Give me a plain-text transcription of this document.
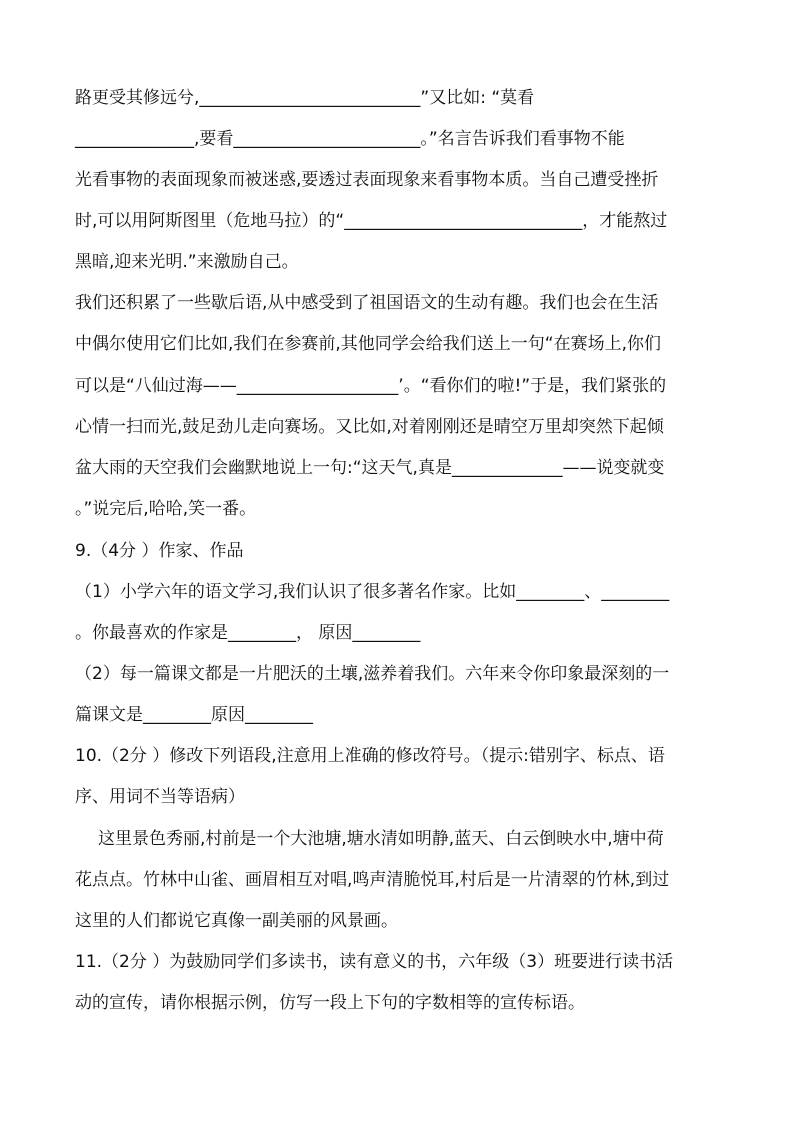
路更受其修远兮,__________________________”又比如: “莫看
______________,要看______________________。”名言告诉我们看事物不能
光看事物的表面现象而被迷惑,要透过表面现象来看事物本质。当自己遭受挫折
时,可以用阿斯图里（危地马拉）的“____________________________，才能熬过
黑暗,迎来光明.”来激励自己。
我们还积累了一些歇后语,从中感受到了祖国语文的生动有趣。我们也会在生活
中偶尔使用它们比如,我们在参赛前,其他同学会给我们送上一句“在赛场上,你们
可以是“八仙过海——___________________’。“看你们的啦!”于是，我们紧张的
心情一扫而光,鼓足劲儿走向赛场。又比如,对着刚刚还是晴空万里却突然下起倾
盆大雨的天空我们会幽默地说上一句:“这天气,真是_____________——说变就变
。”说完后,哈哈,笑一番。
9.（4分 ）作家、作品
（1）小学六年的语文学习,我们认识了很多著名作家。比如________、________
。你最喜欢的作家是________， 原因________
（2）每一篇课文都是一片肥沃的土壤,滋养着我们。六年来令你印象最深刻的一
篇课文是________原因________
10.（2分 ）修改下列语段,注意用上准确的修改符号。（提示:错别字、标点、语
序、用词不当等语病）
这里景色秀丽,村前是一个大池塘,塘水清如明静,蓝天、白云倒映水中,塘中荷
花点点。竹林中山雀、画眉相互对唱,鸣声清脆悦耳,村后是一片清翠的竹林,到过
这里的人们都说它真像一副美丽的风景画。
11.（2分 ）为鼓励同学们多读书，读有意义的书，六年级（3）班要进行读书活
动的宣传，请你根据示例，仿写一段上下句的字数相等的宣传标语。
